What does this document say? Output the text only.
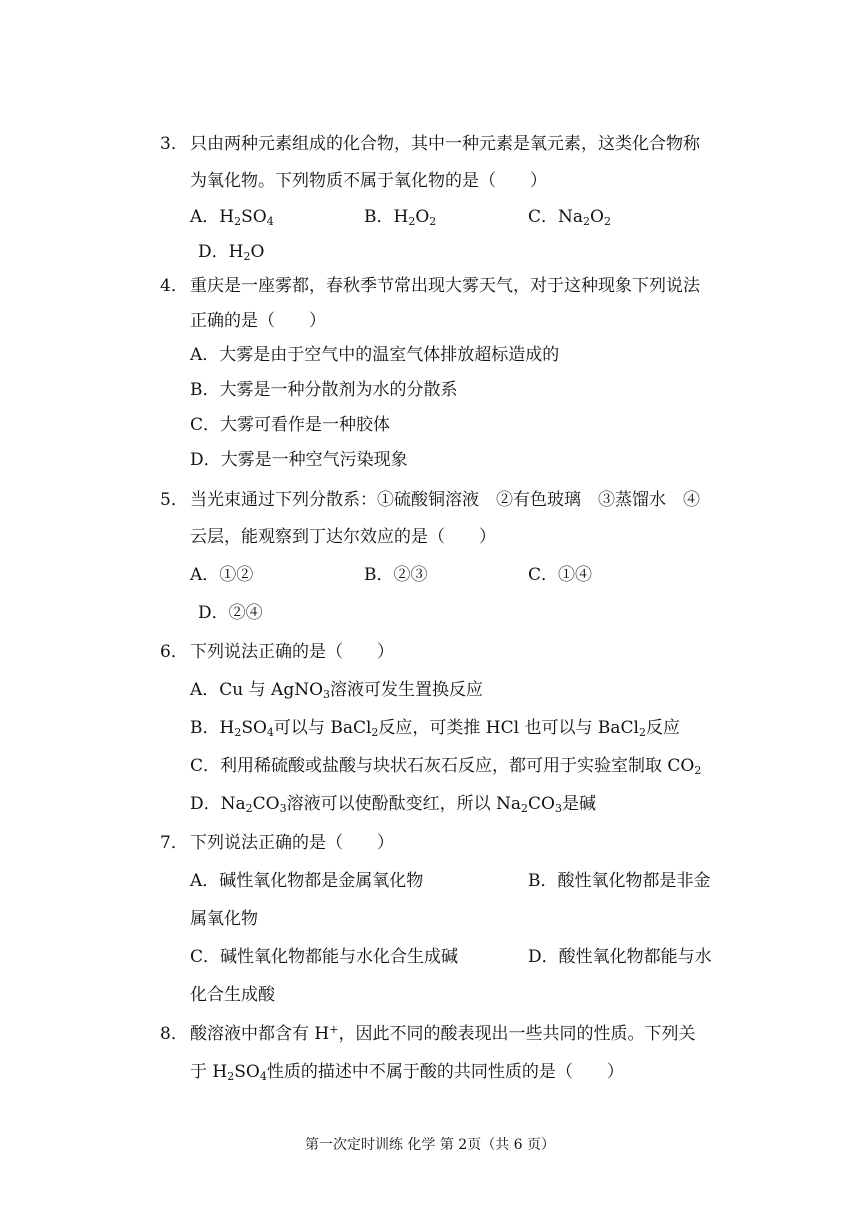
3． 只由两种元素组成的化合物，其中一种元素是氧元素，这类化合物称
为氧化物。下列物质不属于氧化物的是（　　）
A．$H_2SO_4$	B．$H_2O_2$	C．$Na_2O_2$
D．$H_2O$
4． 重庆是一座雾都，春秋季节常出现大雾天气，对于这种现象下列说法
正确的是（　　）
A．大雾是由于空气中的温室气体排放超标造成的
B．大雾是一种分散剂为水的分散系
C．大雾可看作是一种胶体
D．大雾是一种空气污染现象
5． 当光束通过下列分散系：①硫酸铜溶液　②有色玻璃　③蒸馏水　④
云层，能观察到丁达尔效应的是（　　）
A．①②	B．②③	C．①④
D．②④
6． 下列说法正确的是（　　）
A．Cu 与 AgNO$_3$溶液可发生置换反应
B．$H_2SO_4$可以与 BaCl$_2$反应，可类推 HCl 也可以与 BaCl$_2$反应
C．利用稀硫酸或盐酸与块状石灰石反应，都可用于实验室制取 $CO_2$
D．$Na_2CO_3$溶液可以使酚酞变红，所以 $Na_2CO_3$是碱
7． 下列说法正确的是（　　）
A．碱性氧化物都是金属氧化物	B．酸性氧化物都是非金
属氧化物
C．碱性氧化物都能与水化合生成碱	D．酸性氧化物都能与水
化合生成酸
8． 酸溶液中都含有 H+，因此不同的酸表现出一些共同的性质。下列关
于 $H_2SO_4$性质的描述中不属于酸的共同性质的是（　　）
第一次定时训练 化学 第 2页（共 6 页）
